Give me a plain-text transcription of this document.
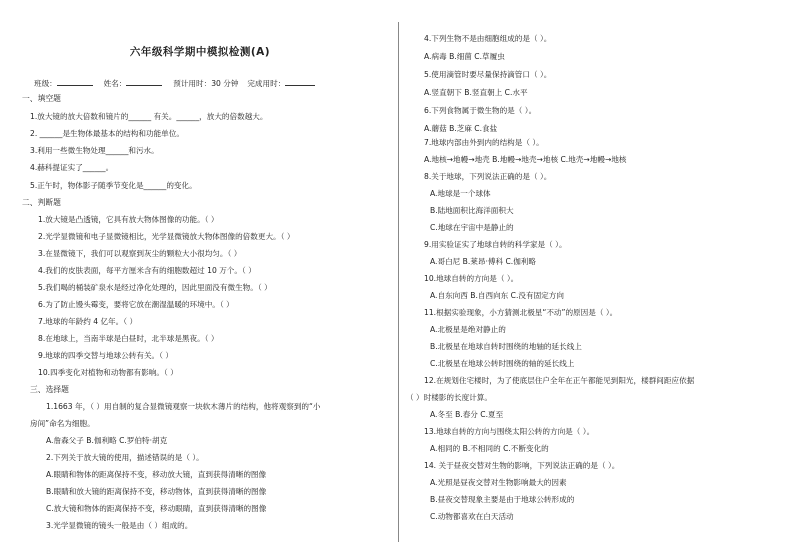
六年级科学期中模拟检测(A)
班级：	姓名：	预计用时：30 分钟 完成用时：
一、填空题
1.放大镜的放大倍数和镜片的______ 有关。______，放大的倍数越大。
2. ______是生物体最基本的结构和功能单位。
3.利用一些微生物处理______和污水。
4.赫科提证实了______。
5.正午时，物体影子随季节变化是______的变化。
二、判断题
1.放大镜是凸透镜，它具有放大物体图像的功能。（ ）
2.光学显微镜和电子显微镜相比，光学显微镜放大物体图像的倍数更大。（ ）
3.在显微镜下，我们可以观察到灰尘的颗粒大小很均匀。（ ）
4.我们的皮肤表面，每平方厘米含有的细胞数超过 10 万个。（ ）
5.我们喝的桶装矿泉水是经过净化处理的，因此里面没有微生物。（ ）
6.为了防止馒头霉变，要将它放在潮湿温暖的环境中。（ ）
7.地球的年龄约 4 亿年。（ ）
8.在地球上，当南半球是白昼时，北半球是黑夜。（ ）
9.地球的四季交替与地球公转有关。（ ）
10.四季变化对植物和动物都有影响。（ ）
三、选择题
1.1663 年，（ ）用自制的复合显微镜观察一块软木薄片的结构，他将观察到的“小
房间”命名为细胞。
A.詹森父子 B.伽利略 C.罗伯特·胡克
2.下列关于放大镜的使用，描述错误的是（ ）。
A.眼睛和物体的距离保持不变，移动放大镜，直到获得清晰的图像
B.眼睛和放大镜的距离保持不变，移动物体，直到获得清晰的图像
C.放大镜和物体的距离保持不变，移动眼睛，直到获得清晰的图像
3.光学显微镜的镜头一般是由（ ）组成的。
4.下列生物不是由细胞组成的是（ ）。
A.病毒 B.细菌 C.草履虫
5.使用滴管时要尽量保持滴管口（ ）。
A.竖直朝下 B.竖直朝上 C.水平
6.下列食物属于微生物的是（ ）。
A.蘑菇 B.芝麻 C.食盐
7.地球内部由外到内的结构是（ ）。
A.地核→地幔→地壳 B.地幔→地壳→地核 C.地壳→地幔→地核
8.关于地球，下列说法正确的是（ ）。
A.地球是一个球体
B.陆地面积比海洋面积大
C.地球在宇宙中是静止的
9.用实验证实了地球自转的科学家是（ ）。
A.哥白尼 B.莱昂·傅科 C.伽利略
10.地球自转的方向是（ ）。
A.自东向西 B.自西向东 C.没有固定方向
11.根据实验现象，小方猜测北极星“不动”的原因是（ ）。
A.北极星是绝对静止的
B.北极星在地球自转时围绕的地轴的延长线上
C.北极星在地球公转时围绕的轴的延长线上
12.在规划住宅楼时，为了使底层住户全年在正午都能见到阳光，楼群间距应依据
（ ）时楼影的长度计算。
A.冬至 B.春分 C.夏至
13.地球自转的方向与围绕太阳公转的方向是（ ）。
A.相同的 B.不相同的 C.不断变化的
14. 关于昼夜交替对生物的影响，下列说法正确的是（ ）。
A.光照是昼夜交替对生物影响最大的因素
B.昼夜交替现象主要是由于地球公转形成的
C.动物都喜欢在白天活动
